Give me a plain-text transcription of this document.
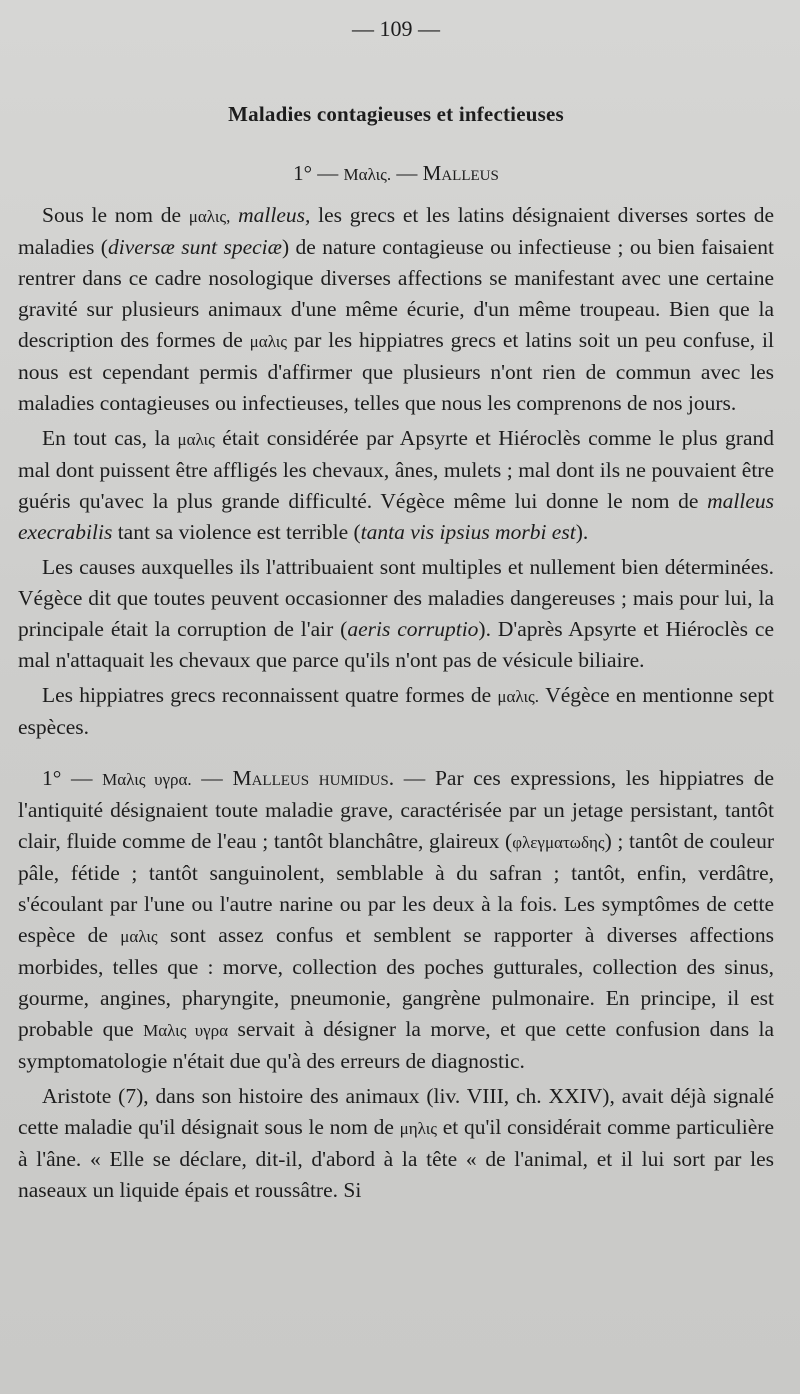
— 109 —
Maladies contagieuses et infectieuses
1° — Μαλις. — Malleus

Sous le nom de μαλις, malleus, les grecs et les latins désignaient diverses sortes de maladies (diversæ sunt speciæ) de nature contagieuse ou infectieuse ; ou bien faisaient rentrer dans ce cadre nosologique diverses affections se manifestant avec une certaine gravité sur plusieurs animaux d'une même écurie, d'un même troupeau. Bien que la description des formes de μαλις par les hippiatres grecs et latins soit un peu confuse, il nous est cependant permis d'affirmer que plusieurs n'ont rien de commun avec les maladies contagieuses ou infectieuses, telles que nous les comprenons de nos jours.

En tout cas, la μαλις était considérée par Apsyrte et Hiéroclès comme le plus grand mal dont puissent être affligés les chevaux, ânes, mulets ; mal dont ils ne pouvaient être guéris qu'avec la plus grande difficulté. Végèce même lui donne le nom de malleus execrabilis tant sa violence est terrible (tanta vis ipsius morbi est).

Les causes auxquelles ils l'attribuaient sont multiples et nullement bien déterminées. Végèce dit que toutes peuvent occasionner des maladies dangereuses ; mais pour lui, la principale était la corruption de l'air (aeris corruptio). D'après Apsyrte et Hiéroclès ce mal n'attaquait les chevaux que parce qu'ils n'ont pas de vésicule biliaire.

Les hippiatres grecs reconnaissent quatre formes de μαλις. Végèce en mentionne sept espèces.

1° — Μαλις υγρα. — Malleus humidus. — Par ces expressions, les hippiatres de l'antiquité désignaient toute maladie grave, caractérisée par un jetage persistant, tantôt clair, fluide comme de l'eau ; tantôt blanchâtre, glaireux (φλεγματωδης) ; tantôt de couleur pâle, fétide ; tantôt sanguinolent, semblable à du safran ; tantôt, enfin, verdâtre, s'écoulant par l'une ou l'autre narine ou par les deux à la fois. Les symptômes de cette espèce de μαλις sont assez confus et semblent se rapporter à diverses affections morbides, telles que : morve, collection des poches gutturales, collection des sinus, gourme, angines, pharyngite, pneumonie, gangrène pulmonaire. En principe, il est probable que Μαλις υγρα servait à désigner la morve, et que cette confusion dans la symptomatologie n'était due qu'à des erreurs de diagnostic.

Aristote (7), dans son histoire des animaux (liv. VIII, ch. XXIV), avait déjà signalé cette maladie qu'il désignait sous le nom de μηλις et qu'il considérait comme particulière à l'âne. « Elle se déclare, dit-il, d'abord à la tête « de l'animal, et il lui sort par les naseaux un liquide épais et roussâtre. Si
